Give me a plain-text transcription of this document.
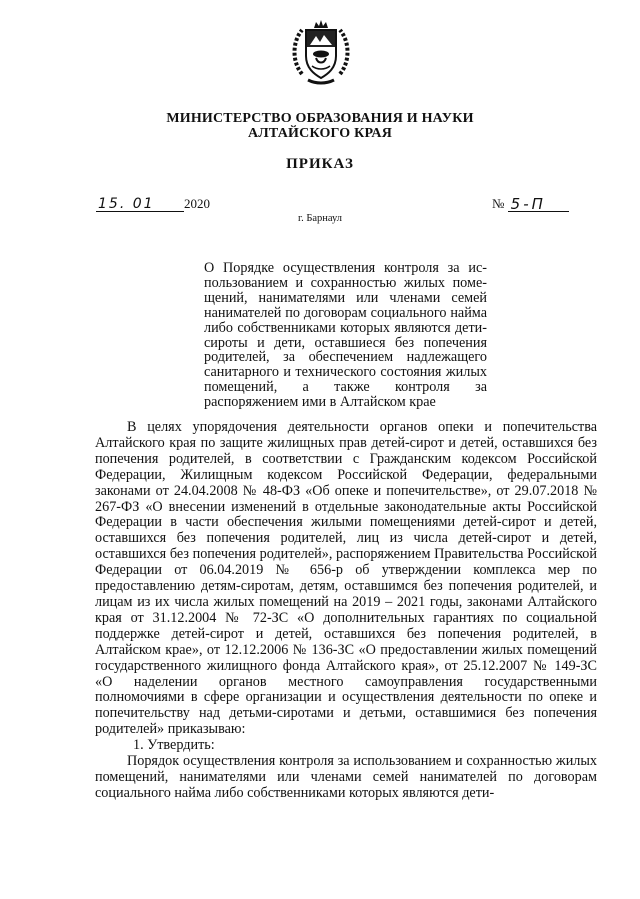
МИНИСТЕРСТВО ОБРАЗОВАНИЯ И НАУКИ
АЛТАЙСКОГО КРАЯ
ПРИКАЗ
15. 01 2020	№ 5-П
г. Барнаул
О Порядке осуществления контроля за использованием и сохранностью жилых помещений, нанимателями или членами семей нанимателей по договорам социального найма либо собственниками которых являются дети-сироты и дети, оставшиеся без попечения родителей, за обеспечением надлежащего санитарного и технического состояния жилых помещений, а также контроля за распоряжением ими в Алтайском крае

В целях упорядочения деятельности органов опеки и попечительства Алтайского края по защите жилищных прав детей-сирот и детей, оставшихся без попечения родителей, в соответствии с Гражданским кодексом Российской Федерации, Жилищным кодексом Российской Федерации, федеральными законами от 24.04.2008 № 48-ФЗ «Об опеке и попечительстве», от 29.07.2018 № 267-ФЗ «О внесении изменений в отдельные законодательные акты Российской Федерации в части обеспечения жилыми помещениями детей-сирот и детей, оставшихся без попечения родителей, лиц из числа детей-сирот и детей, оставшихся без попечения родителей», распоряжением Правительства Российской Федерации от 06.04.2019 № 656-р об утверждении комплекса мер по предоставлению детям-сиротам, детям, оставшимся без попечения родителей, и лицам из их числа жилых помещений на 2019 – 2021 годы, законами Алтайского края от 31.12.2004 № 72-ЗС «О дополнительных гарантиях по социальной поддержке детей-сирот и детей, оставшихся без попечения родителей, в Алтайском крае», от 12.12.2006 № 136-ЗС «О предоставлении жилых помещений государственного жилищного фонда Алтайского края», от 25.12.2007 № 149-ЗС «О наделении органов местного самоуправления государственными полномочиями в сфере организации и осуществления деятельности по опеке и попечительству над детьми-сиротами и детьми, оставшимися без попечения родителей» приказываю:

1. Утвердить:

Порядок осуществления контроля за использованием и сохранностью жилых помещений, нанимателями или членами семей нанимателей по договорам социального найма либо собственниками которых являются дети-
